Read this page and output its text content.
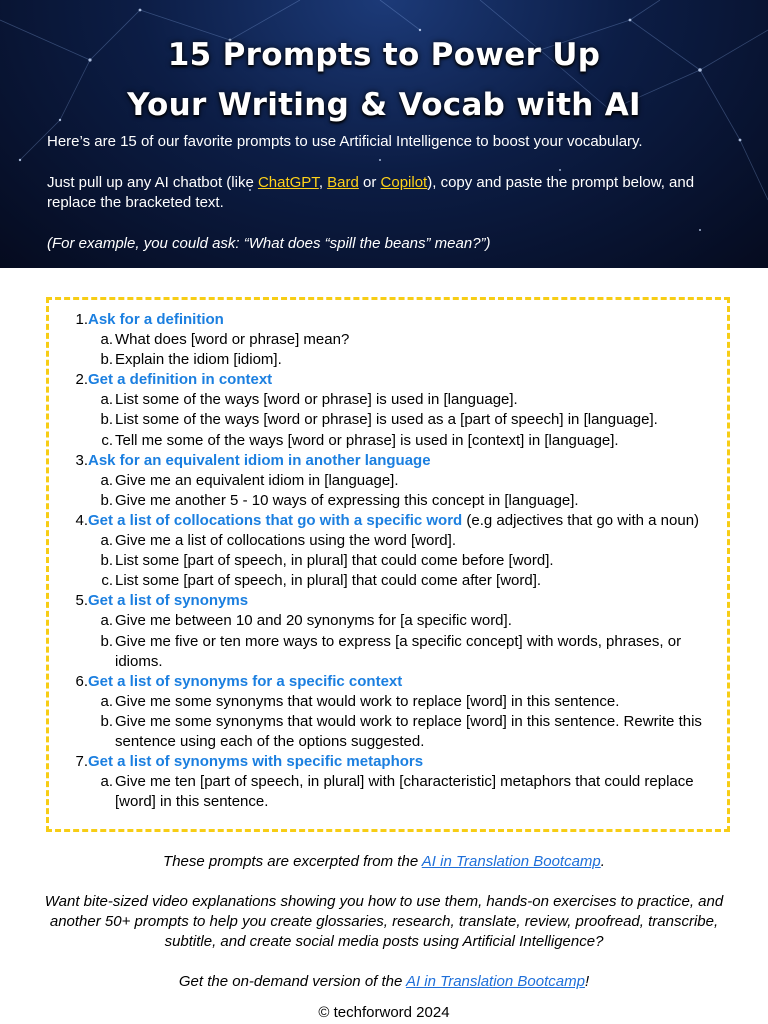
15 Prompts to Power Up
Your Writing & Vocab with AI
Here’s are 15 of our favorite prompts to use Artificial Intelligence to boost your vocabulary.
Just pull up any AI chatbot (like ChatGPT, Bard or Copilot), copy and paste the prompt below, and replace the bracketed text.
(For example, you could ask: “What does “spill the beans” mean?”)
1. Ask for a definition
a. What does [word or phrase] mean?
b. Explain the idiom [idiom].
2. Get a definition in context
a. List some of the ways [word or phrase] is used in [language].
b. List some of the ways [word or phrase] is used as a [part of speech] in [language].
c. Tell me some of the ways [word or phrase] is used in [context] in [language].
3. Ask for an equivalent idiom in another language
a. Give me an equivalent idiom in [language].
b. Give me another 5 - 10 ways of expressing this concept in [language].
4. Get a list of collocations that go with a specific word (e.g adjectives that go with a noun)
a. Give me a list of collocations using the word [word].
b. List some [part of speech, in plural] that could come before [word].
c. List some [part of speech, in plural] that could come after [word].
5. Get a list of synonyms
a. Give me between 10 and 20 synonyms for [a specific word].
b. Give me five or ten more ways to express [a specific concept] with words, phrases, or idioms.
6. Get a list of synonyms for a specific context
a. Give me some synonyms that would work to replace [word] in this sentence.
b. Give me some synonyms that would work to replace [word] in this sentence. Rewrite this sentence using each of the options suggested.
7. Get a list of synonyms with specific metaphors
a. Give me ten [part of speech, in plural] with [characteristic] metaphors that could replace [word] in this sentence.
These prompts are excerpted from the AI in Translation Bootcamp.
Want bite-sized video explanations showing you how to use them, hands-on exercises to practice, and another 50+ prompts to help you create glossaries, research, translate, review, proofread, transcribe, subtitle, and create social media posts using Artificial Intelligence?
Get the on-demand version of the AI in Translation Bootcamp!
© techforword 2024
